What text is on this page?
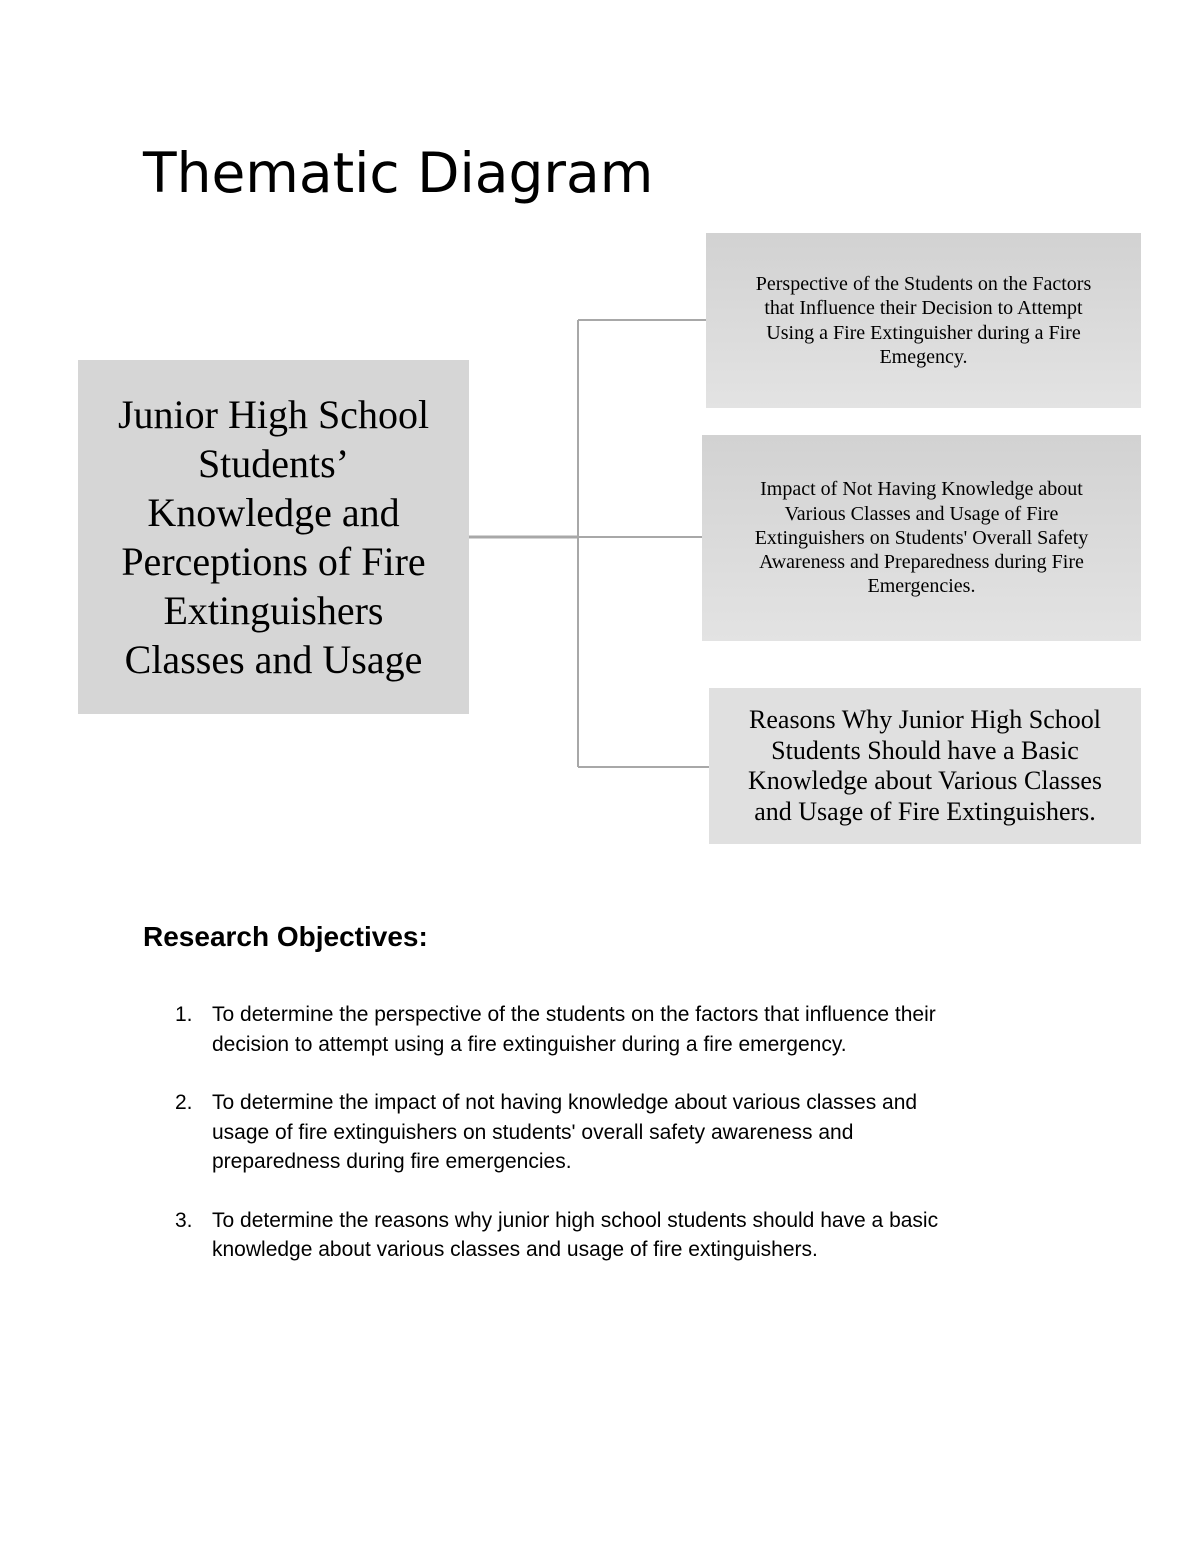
Thematic Diagram
Junior High School
Students’
Knowledge and
Perceptions of Fire
Extinguishers
Classes and Usage
Perspective of the Students on the Factors
that Influence their Decision to Attempt
Using a Fire Extinguisher during a Fire
Emegency.
Impact of Not Having Knowledge about
Various Classes and Usage of Fire
Extinguishers on Students' Overall Safety
Awareness and Preparedness during Fire
Emergencies.
Reasons Why Junior High School
Students Should have a Basic
Knowledge about Various Classes
and Usage of Fire Extinguishers.
Research Objectives:
1. To determine the perspective of the students on the factors that influence their
decision to attempt using a fire extinguisher during a fire emergency.
2. To determine the impact of not having knowledge about various classes and
usage of fire extinguishers on students' overall safety awareness and
preparedness during fire emergencies.
3. To determine the reasons why junior high school students should have a basic
knowledge about various classes and usage of fire extinguishers.
